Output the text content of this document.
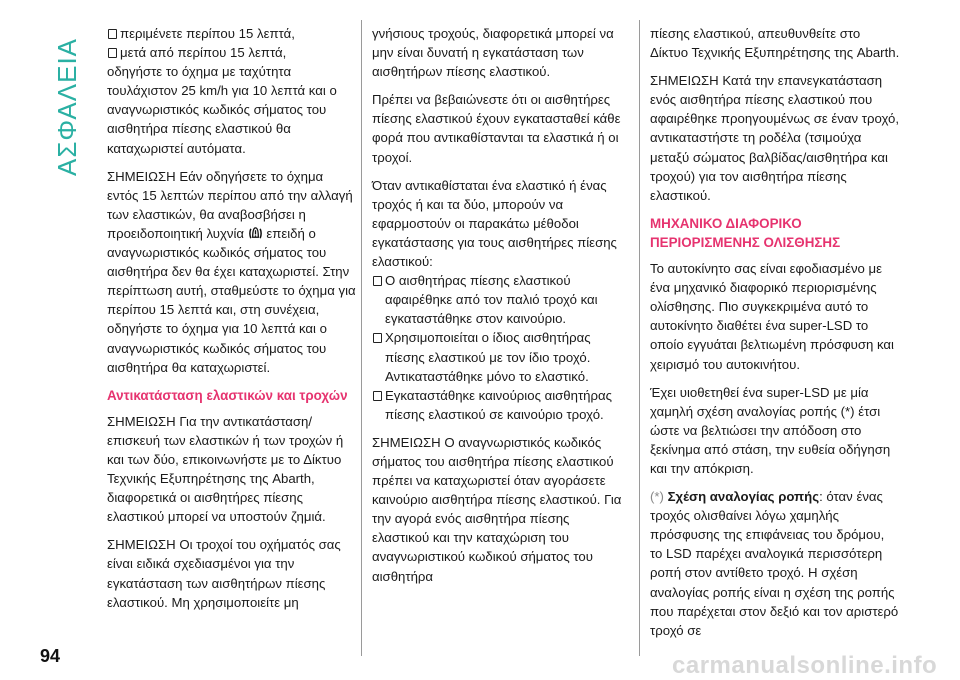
ΑΣΦΑΛΕΙΑ
περιμένετε περίπου 15 λεπτά,
μετά από περίπου 15 λεπτά,

οδηγήστε το όχημα με ταχύτητα τουλάχιστον 25 km/h για 10 λεπτά και ο αναγνωριστικός κωδικός σήματος του αισθητήρα πίεσης ελαστικού θα καταχωριστεί αυτόματα.

ΣΗΜΕΙΩΣΗ Εάν οδηγήσετε το όχημα εντός 15 λεπτών περίπου από την αλλαγή των ελαστικών, θα αναβοσβήσει η προειδοποιητική λυχνία επειδή ο αναγνωριστικός κωδικός σήματος του αισθητήρα δεν θα έχει καταχωριστεί. Στην περίπτωση αυτή, σταθμεύστε το όχημα για περίπου 15 λεπτά και, στη συνέχεια, οδηγήστε το όχημα για 10 λεπτά και ο αναγνωριστικός κωδικός σήματος του αισθητήρα θα καταχωριστεί.

Αντικατάσταση ελαστικών και τροχών

ΣΗΜΕΙΩΣΗ Για την αντικατάσταση/επισκευή των ελαστικών ή των τροχών ή και των δύο, επικοινωνήστε με το Δίκτυο Τεχνικής Εξυπηρέτησης της Abarth, διαφορετικά οι αισθητήρες πίεσης ελαστικού μπορεί να υποστούν ζημιά.

ΣΗΜΕΙΩΣΗ Οι τροχοί του οχήματός σας είναι ειδικά σχεδιασμένοι για την εγκατάσταση των αισθητήρων πίεσης ελαστικού. Μη χρησιμοποιείτε μη

γνήσιους τροχούς, διαφορετικά μπορεί να μην είναι δυνατή η εγκατάσταση των αισθητήρων πίεσης ελαστικού.

Πρέπει να βεβαιώνεστε ότι οι αισθητήρες πίεσης ελαστικού έχουν εγκατασταθεί κάθε φορά που αντικαθίστανται τα ελαστικά ή οι τροχοί.

Όταν αντικαθίσταται ένα ελαστικό ή ένας τροχός ή και τα δύο, μπορούν να εφαρμοστούν οι παρακάτω μέθοδοι εγκατάστασης για τους αισθητήρες πίεσης ελαστικού:

Ο αισθητήρας πίεσης ελαστικού αφαιρέθηκε από τον παλιό τροχό και εγκαταστάθηκε στον καινούριο.
Χρησιμοποιείται ο ίδιος αισθητήρας πίεσης ελαστικού με τον ίδιο τροχό. Αντικαταστάθηκε μόνο το ελαστικό.
Εγκαταστάθηκε καινούριος αισθητήρας πίεσης ελαστικού σε καινούριο τροχό.

ΣΗΜΕΙΩΣΗ Ο αναγνωριστικός κωδικός σήματος του αισθητήρα πίεσης ελαστικού πρέπει να καταχωριστεί όταν αγοράσετε καινούριο αισθητήρα πίεσης ελαστικού. Για την αγορά ενός αισθητήρα πίεσης ελαστικού και την καταχώριση του αναγνωριστικού κωδικού σήματος του αισθητήρα

πίεσης ελαστικού, απευθυνθείτε στο Δίκτυο Τεχνικής Εξυπηρέτησης της Abarth.

ΣΗΜΕΙΩΣΗ Κατά την επανεγκατάσταση ενός αισθητήρα πίεσης ελαστικού που αφαιρέθηκε προηγουμένως σε έναν τροχό, αντικαταστήστε τη ροδέλα (τσιμούχα μεταξύ σώματος βαλβίδας/αισθητήρα και τροχού) για τον αισθητήρα πίεσης ελαστικού.

ΜΗΧΑΝΙΚΟ ΔΙΑΦΟΡΙΚΟ ΠΕΡΙΟΡΙΣΜΕΝΗΣ ΟΛΙΣΘΗΣΗΣ

Το αυτοκίνητο σας είναι εφοδιασμένο με ένα μηχανικό διαφορικό περιορισμένης ολίσθησης. Πιο συγκεκριμένα αυτό το αυτοκίνητο διαθέτει ένα super-LSD το οποίο εγγυάται βελτιωμένη πρόσφυση και χειρισμό του αυτοκινήτου.

Έχει υιοθετηθεί ένα super-LSD με μία χαμηλή σχέση αναλογίας ροπής (*) έτσι ώστε να βελτιώσει την απόδοση στο ξεκίνημα από στάση, την ευθεία οδήγηση και την απόκριση.

(*) Σχέση αναλογίας ροπής: όταν ένας τροχός ολισθαίνει λόγω χαμηλής πρόσφυσης της επιφάνειας του δρόμου, το LSD παρέχει αναλογικά περισσότερη ροπή στον αντίθετο τροχό. Η σχέση αναλογίας ροπής είναι η σχέση της ροπής που παρέχεται στον δεξιό και τον αριστερό τροχό σε

94	carmanualsonline.info
